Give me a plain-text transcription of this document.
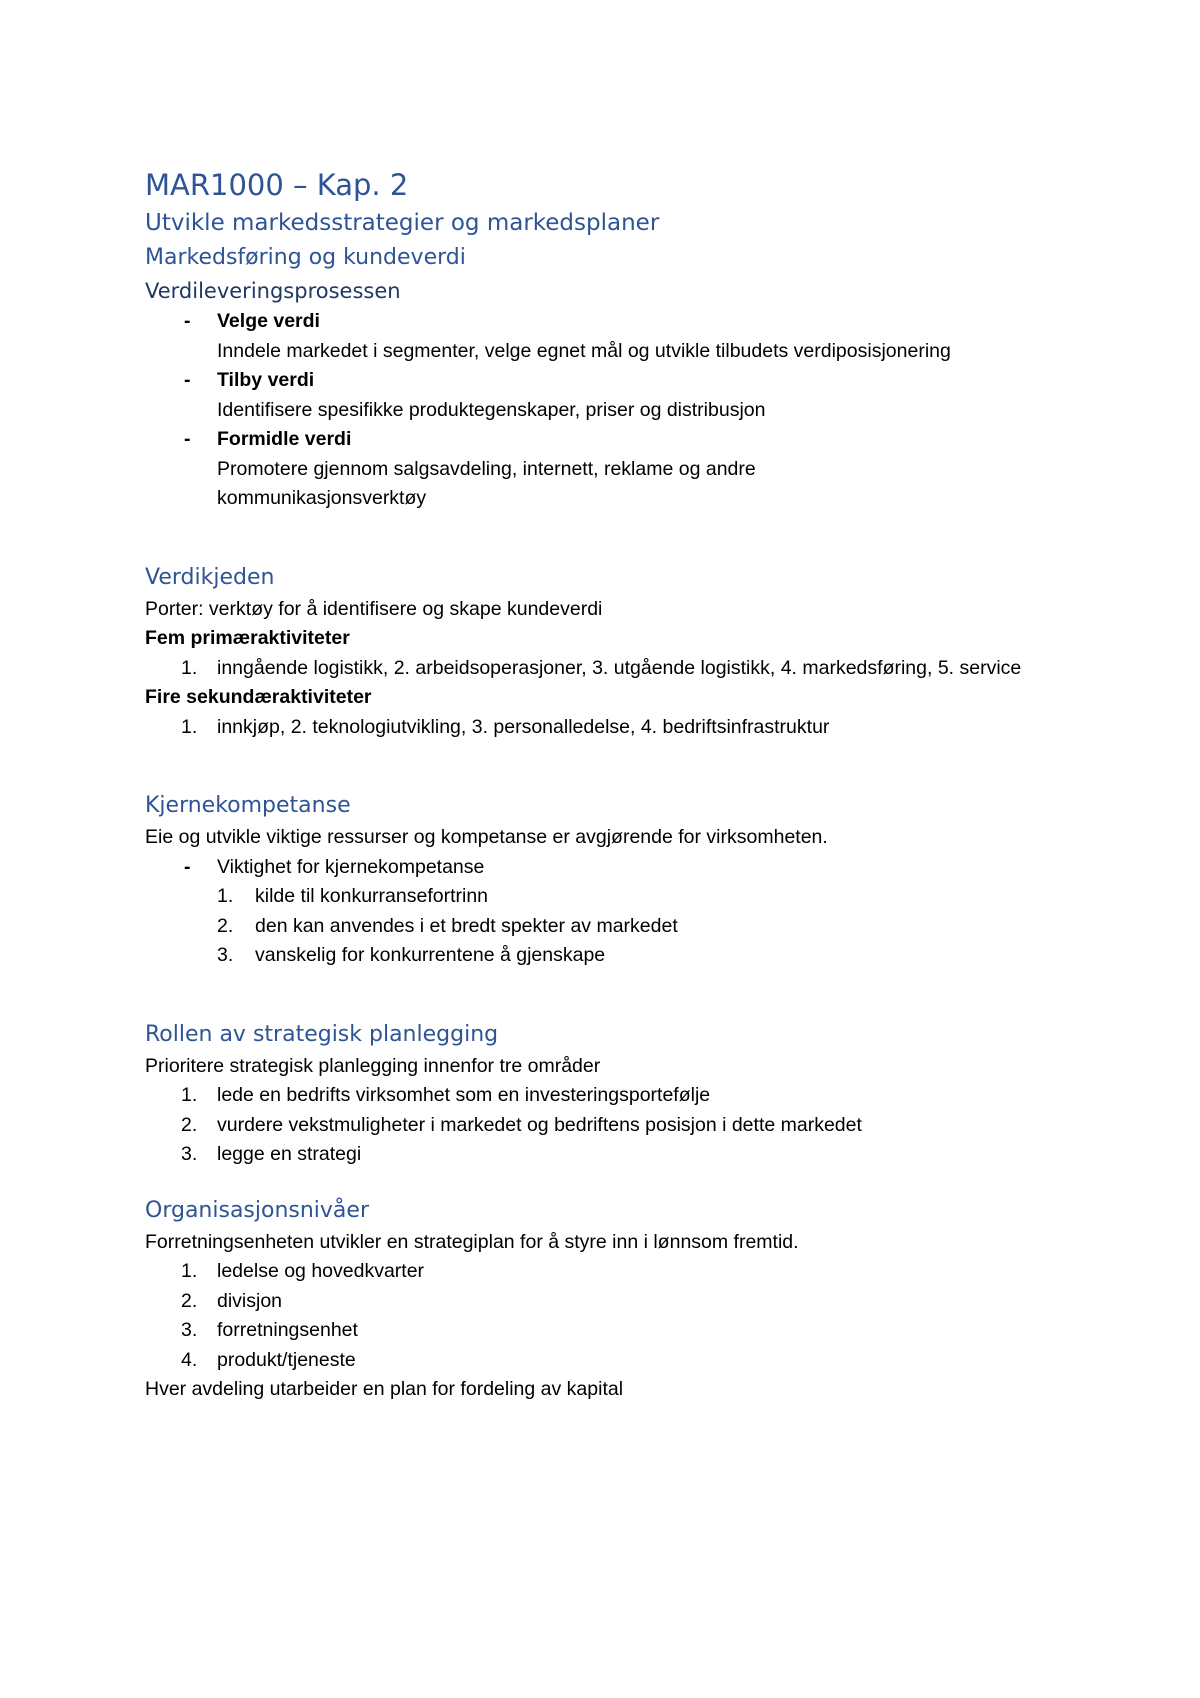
MAR1000 – Kap. 2
Utvikle markedsstrategier og markedsplaner
Markedsføring og kundeverdi
Verdileveringsprosessen
-	Velge verdi
Inndele markedet i segmenter, velge egnet mål og utvikle tilbudets verdiposisjonering
-	Tilby verdi
Identifisere spesifikke produktegenskaper, priser og distribusjon
-	Formidle verdi
Promotere gjennom salgsavdeling, internett, reklame og andre kommunikasjonsverktøy
Verdikjeden

Porter: verktøy for å identifisere og skape kundeverdi

Fem primæraktiviteter

1.	inngående logistikk, 2. arbeidsoperasjoner, 3. utgående logistikk, 4. markedsføring, 5. service

Fire sekundæraktiviteter

1.	innkjøp, 2. teknologiutvikling, 3. personalledelse, 4. bedriftsinfrastruktur
Kjernekompetanse

Eie og utvikle viktige ressurser og kompetanse er avgjørende for virksomheten.

-	Viktighet for kjernekompetanse
1.	kilde til konkurransefortrinn
2.	den kan anvendes i et bredt spekter av markedet
3.	vanskelig for konkurrentene å gjenskape
Rollen av strategisk planlegging

Prioritere strategisk planlegging innenfor tre områder

1.	lede en bedrifts virksomhet som en investeringsportefølje
2.	vurdere vekstmuligheter i markedet og bedriftens posisjon i dette markedet
3.	legge en strategi
Organisasjonsnivåer

Forretningsenheten utvikler en strategiplan for å styre inn i lønnsom fremtid.

1.	ledelse og hovedkvarter
2.	divisjon
3.	forretningsenhet
4.	produkt/tjeneste

Hver avdeling utarbeider en plan for fordeling av kapital
